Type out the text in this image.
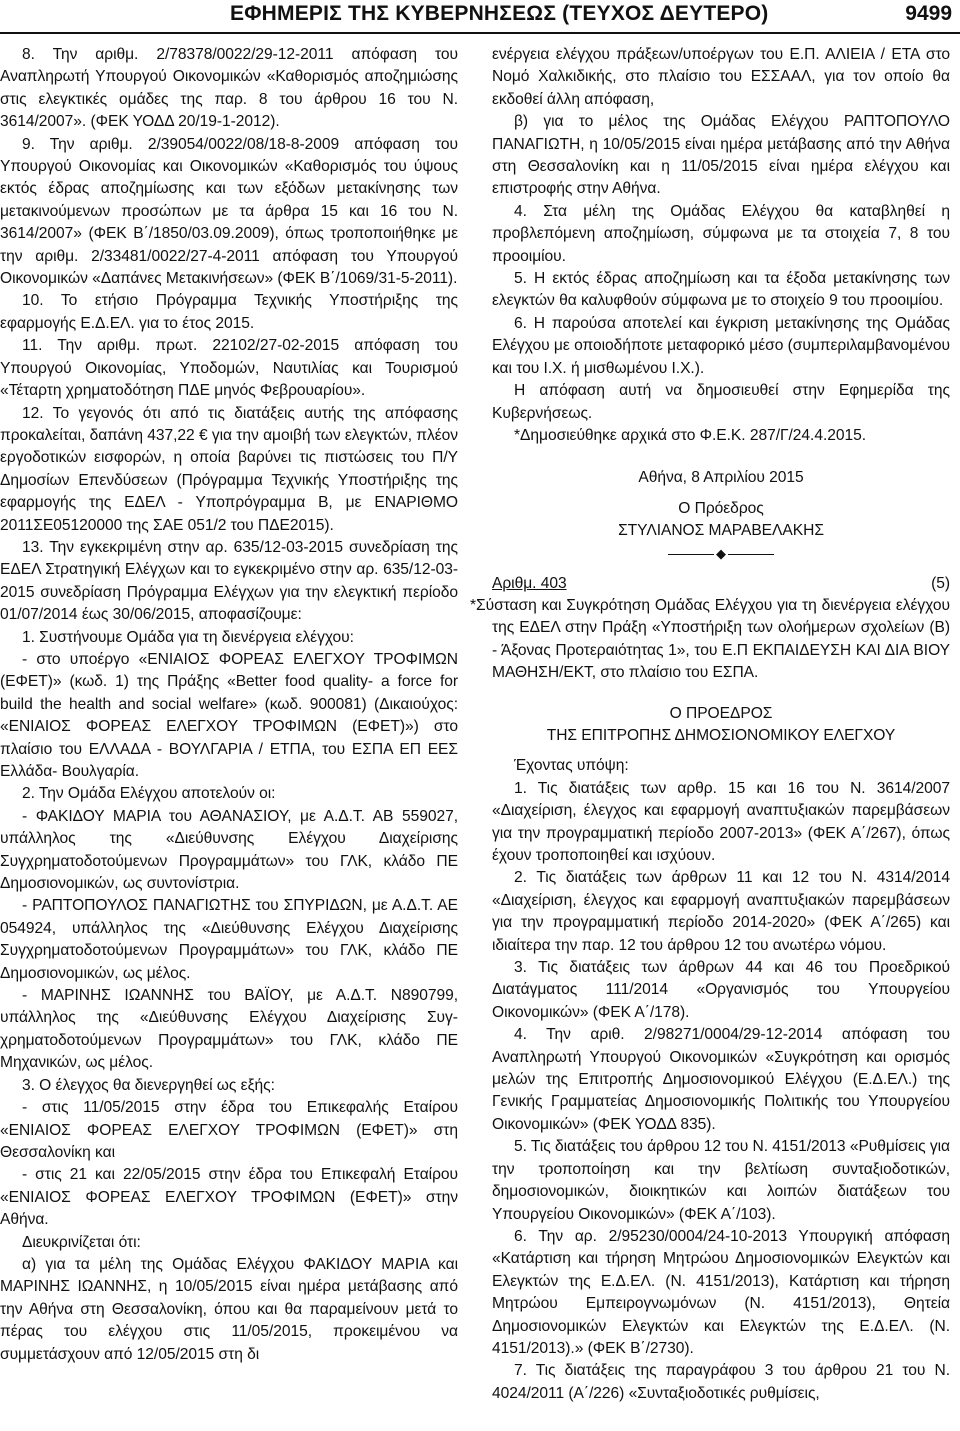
ΕΦΗΜΕΡΙΣ ΤΗΣ ΚΥΒΕΡΝΗΣΕΩΣ (ΤΕΥΧΟΣ ΔΕΥΤΕΡΟ)	9499

8. Την αριθμ. 2/78378/0022/29-12-2011 απόφαση του Αναπληρωτή Υπουργού Οικονομικών «Καθορισμός αποζημιώσης στις ελεγκτικές ομάδες της παρ. 8 του άρθρου 16 του Ν. 3614/2007». (ΦΕΚ ΥΟΔΔ 20/19-1-2012).

9. Την αριθμ. 2/39054/0022/08/18-8-2009 απόφαση του Υπουργού Οικονομίας και Οικονομικών «Καθορισμός του ύψους εκτός έδρας αποζημίωσης και των εξόδων μετακίνησης των μετακινούμενων προσώπων με τα άρθρα 15 και 16 του Ν. 3614/2007» (ΦΕΚ Β΄/1850/03.09.2009), όπως τροποποιήθηκε με την αριθμ. 2/33481/0022/27-4-2011 απόφαση του Υπουργού Οικονομικών «Δαπάνες Μετακινήσεων» (ΦΕΚ Β΄/1069/31-5-2011).

10. Το ετήσιο Πρόγραμμα Τεχνικής Υποστήριξης της εφαρμογής Ε.Δ.ΕΛ. για το έτος 2015.

11. Την αριθμ. πρωτ. 22102/27-02-2015 απόφαση του Υπουργού Οικονομίας, Υποδομών, Ναυτιλίας και Τουρισμού «Τέταρτη χρηματοδότηση ΠΔΕ μηνός Φεβρουαρίου».

12. Το γεγονός ότι από τις διατάξεις αυτής της απόφασης προκαλείται, δαπάνη 437,22 € για την αμοιβή των ελεγκτών, πλέον εργοδοτικών εισφορών, η οποία βαρύνει τις πιστώσεις του Π/Υ Δημοσίων Επενδύσεων (Πρόγραμμα Τεχνικής Υποστήριξης της εφαρμογής της ΕΔΕΛ - Υποπρόγραμμα Β, με ΕΝΑΡΙΘΜΟ 2011ΣΕ05120000 της ΣΑΕ 051/2 του ΠΔΕ2015).

13. Την εγκεκριμένη στην αρ. 635/12-03-2015 συνεδρίαση της ΕΔΕΛ Στρατηγική Ελέγχων και το εγκεκριμένο στην αρ. 635/12-03-2015 συνεδρίαση Πρόγραμμα Ελέγχων για την ελεγκτική περίοδο 01/07/2014 έως 30/06/2015, αποφασίζουμε:

1. Συστήνουμε Ομάδα για τη διενέργεια ελέγχου:

- στο υποέργο «ΕΝΙΑΙΟΣ ΦΟΡΕΑΣ ΕΛΕΓΧΟΥ ΤΡΟΦΙΜΩΝ (ΕΦΕΤ)» (κωδ. 1) της Πράξης «Better food quality- a force for build the health and social welfare» (κωδ. 900081) (Δικαιούχος: «ΕΝΙΑΙΟΣ ΦΟΡΕΑΣ ΕΛΕΓΧΟΥ ΤΡΟΦΙΜΩΝ (ΕΦΕΤ)») στο πλαίσιο του ΕΛΛΑΔΑ - ΒΟΥΛΓΑΡΙΑ / ΕΤΠΑ, του ΕΣΠΑ ΕΠ ΕΕΣ Ελλάδα- Βουλγαρία.

2. Την Ομάδα Ελέγχου αποτελούν οι:

- ΦΑΚΙΔΟΥ ΜΑΡΙΑ του ΑΘΑΝΑΣΙΟΥ, με Α.Δ.Τ. ΑΒ 559027, υπάλληλος της «Διεύθυνσης Ελέγχου Διαχείρισης Συγχρηματοδοτούμενων Προγραμμάτων» του ΓΛΚ, κλάδο ΠΕ Δημοσιονομικών, ως συντονίστρια.

- ΡΑΠΤΟΠΟΥΛΟΣ ΠΑΝΑΓΙΩΤΗΣ του ΣΠΥΡΙΔΩΝ, με Α.Δ.Τ. ΑΕ 054924, υπάλληλος της «Διεύθυνσης Ελέγχου Διαχείρισης Συγχρηματοδοτούμενων Προγραμμάτων» του ΓΛΚ, κλάδο ΠΕ Δημοσιονομικών, ως μέλος.

- ΜΑΡΙΝΗΣ ΙΩΑΝΝΗΣ του ΒΑΪΟΥ, με Α.Δ.Τ. Ν890799, υπάλληλος της «Διεύθυνσης Ελέγχου Διαχείρισης Συγχρηματοδοτούμενων Προγραμμάτων» του ΓΛΚ, κλάδο ΠΕ Μηχανικών, ως μέλος.

3. Ο έλεγχος θα διενεργηθεί ως εξής:

- στις 11/05/2015 στην έδρα του Επικεφαλής Εταίρου «ΕΝΙΑΙΟΣ ΦΟΡΕΑΣ ΕΛΕΓΧΟΥ ΤΡΟΦΙΜΩΝ (ΕΦΕΤ)» στη Θεσσαλονίκη και

- στις 21 και 22/05/2015 στην έδρα του Επικεφαλή Εταίρου «ΕΝΙΑΙΟΣ ΦΟΡΕΑΣ ΕΛΕΓΧΟΥ ΤΡΟΦΙΜΩΝ (ΕΦΕΤ)» στην Αθήνα.

Διευκρινίζεται ότι:

α) για τα μέλη της Ομάδας Ελέγχου ΦΑΚΙΔΟΥ ΜΑΡΙΑ και ΜΑΡΙΝΗΣ ΙΩΑΝΝΗΣ, η 10/05/2015 είναι ημέρα μετάβασης από την Αθήνα στη Θεσσαλονίκη, όπου και θα παραμείνουν μετά το πέρας του ελέγχου στις 11/05/2015, προκειμένου να συμμετάσχουν από 12/05/2015 στη δι

ενέργεια ελέγχου πράξεων/υποέργων του Ε.Π. ΑΛΙΕΙΑ / ΕΤΑ στο Νομό Χαλκιδικής, στο πλαίσιο του ΕΣΣΑΑΛ, για τον οποίο θα εκδοθεί άλλη απόφαση,

β) για το μέλος της Ομάδας Ελέγχου ΡΑΠΤΟΠΟΥΛΟ ΠΑΝΑΓΙΩΤΗ, η 10/05/2015 είναι ημέρα μετάβασης από την Αθήνα στη Θεσσαλονίκη και η 11/05/2015 είναι ημέρα ελέγχου και επιστροφής στην Αθήνα.

4. Στα μέλη της Ομάδας Ελέγχου θα καταβληθεί η προβλεπόμενη αποζημίωση, σύμφωνα με τα στοιχεία 7, 8 του προοιμίου.

5. Η εκτός έδρας αποζημίωση και τα έξοδα μετακίνησης των ελεγκτών θα καλυφθούν σύμφωνα με το στοιχείο 9 του προοιμίου.

6. Η παρούσα αποτελεί και έγκριση μετακίνησης της Ομάδας Ελέγχου με οποιοδήποτε μεταφορικό μέσο (συμπεριλαμβανομένου και του Ι.Χ. ή μισθωμένου Ι.Χ.).

Η απόφαση αυτή να δημοσιευθεί στην Εφημερίδα της Κυβερνήσεως.

*Δημοσιεύθηκε αρχικά στο Φ.Ε.Κ. 287/Γ/24.4.2015.

Αθήνα, 8 Απριλίου 2015

Ο Πρόεδρος

ΣΤΥΛΙΑΝΟΣ ΜΑΡΑΒΕΛΑΚΗΣ

◆
Αριθμ. 403	(5)

*Σύσταση και Συγκρότηση Ομάδας Ελέγχου για τη διενέργεια ελέγχου της ΕΔΕΛ στην Πράξη «Υποστήριξη των ολοήμερων σχολείων (Β) - Άξονας Προτεραιότητας 1», του Ε.Π ΕΚΠΑΙΔΕΥΣΗ ΚΑΙ ΔΙΑ ΒΙΟΥ ΜΑΘΗΣΗ/ΕΚΤ, στο πλαίσιο του ΕΣΠΑ.

Ο ΠΡΟΕΔΡΟΣ

ΤΗΣ ΕΠΙΤΡΟΠΗΣ ΔΗΜΟΣΙΟΝΟΜΙΚΟΥ ΕΛΕΓΧΟΥ

Έχοντας υπόψη:

1. Τις διατάξεις των αρθρ. 15 και 16 του Ν. 3614/2007 «Διαχείριση, έλεγχος και εφαρμογή αναπτυξιακών παρεμβάσεων για την προγραμματική περίοδο 2007-2013» (ΦΕΚ Α΄/267), όπως έχουν τροποποιηθεί και ισχύουν.

2. Τις διατάξεις των άρθρων 11 και 12 του Ν. 4314/2014 «Διαχείριση, έλεγχος και εφαρμογή αναπτυξιακών παρεμβάσεων για την προγραμματική περίοδο 2014-2020» (ΦΕΚ Α΄/265) και ιδιαίτερα την παρ. 12 του άρθρου 12 του ανωτέρω νόμου.

3. Τις διατάξεις των άρθρων 44 και 46 του Προεδρικού Διατάγματος 111/2014 «Οργανισμός του Υπουργείου Οικονομικών» (ΦΕΚ Α΄/178).

4. Την αριθ. 2/98271/0004/29-12-2014 απόφαση του Αναπληρωτή Υπουργού Οικονομικών «Συγκρότηση και ορισμός μελών της Επιτροπής Δημοσιονομικού Ελέγχου (Ε.Δ.ΕΛ.) της Γενικής Γραμματείας Δημοσιονομικής Πολιτικής του Υπουργείου Οικονομικών» (ΦΕΚ ΥΟΔΔ 835).

5. Τις διατάξεις του άρθρου 12 του Ν. 4151/2013 «Ρυθμίσεις για την τροποποίηση και την βελτίωση συνταξιοδοτικών, δημοσιονομικών, διοικητικών και λοιπών διατάξεων του Υπουργείου Οικονομικών» (ΦΕΚ Α΄/103).

6. Την αρ. 2/95230/0004/24-10-2013 Υπουργική απόφαση «Κατάρτιση και τήρηση Μητρώου Δημοσιονομικών Ελεγκτών και Ελεγκτών της Ε.Δ.ΕΛ. (Ν. 4151/2013), Κατάρτιση και τήρηση Μητρώου Εμπειρογνωμόνων (Ν. 4151/2013), Θητεία Δημοσιονομικών Ελεγκτών και Ελεγκτών της Ε.Δ.ΕΛ. (Ν. 4151/2013).» (ΦΕΚ Β΄/2730).

7. Τις διατάξεις της παραγράφου 3 του άρθρου 21 του Ν. 4024/2011 (Α΄/226) «Συνταξιοδοτικές ρυθμίσεις,
